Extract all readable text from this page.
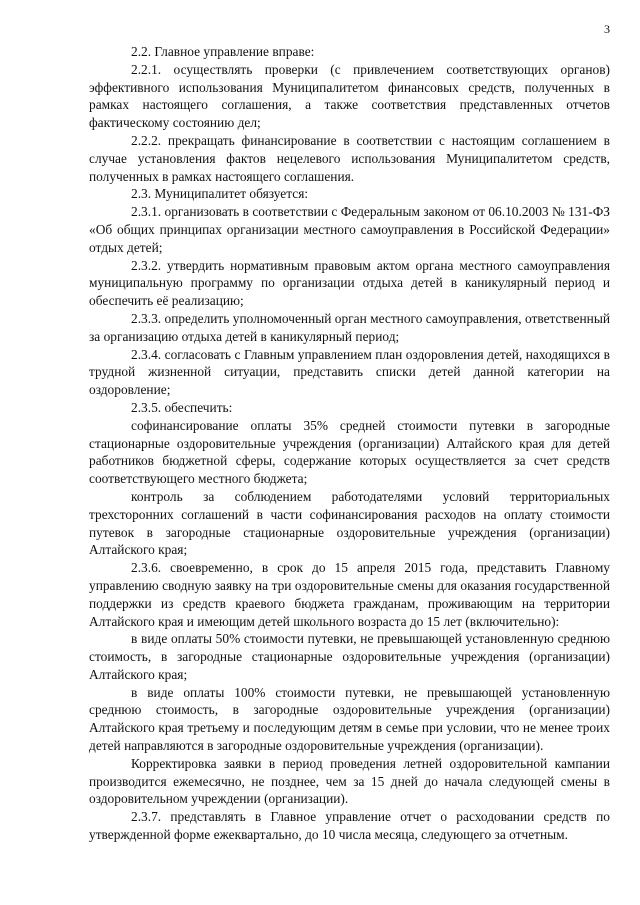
3

2.2. Главное управление вправе:

2.2.1. осуществлять проверки (с привлечением соответствующих органов) эффективного использования Муниципалитетом финансовых средств, полученных в рамках настоящего соглашения, а также соответствия представленных отчетов фактическому состоянию дел;

2.2.2. прекращать финансирование в соответствии с настоящим соглашением в случае установления фактов нецелевого использования Муниципалитетом средств, полученных в рамках настоящего соглашения.

2.3. Муниципалитет обязуется:

2.3.1. организовать в соответствии с Федеральным законом от 06.10.2003 № 131-ФЗ «Об общих принципах организации местного самоуправления в Российской Федерации» отдых детей;

2.3.2. утвердить нормативным правовым актом органа местного самоуправления муниципальную программу по организации отдыха детей в каникулярный период и обеспечить её реализацию;

2.3.3. определить уполномоченный орган местного самоуправления, ответственный за организацию отдыха детей в каникулярный период;

2.3.4. согласовать с Главным управлением план оздоровления детей, находящихся в трудной жизненной ситуации, представить списки детей данной категории на оздоровление;

2.3.5. обеспечить:

софинансирование оплаты 35% средней стоимости путевки в загородные стационарные оздоровительные учреждения (организации) Алтайского края для детей работников бюджетной сферы, содержание которых осуществляется за счет средств соответствующего местного бюджета;

контроль за соблюдением работодателями условий территориальных трехсторонних соглашений в части софинансирования расходов на оплату стоимости путевок в загородные стационарные оздоровительные учреждения (организации) Алтайского края;

2.3.6. своевременно, в срок до 15 апреля 2015 года, представить Главному управлению сводную заявку на три оздоровительные смены для оказания государственной поддержки из средств краевого бюджета гражданам, проживающим на территории Алтайского края и имеющим детей школьного возраста до 15 лет (включительно):

в виде оплаты 50% стоимости путевки, не превышающей установленную среднюю стоимость, в загородные стационарные оздоровительные учреждения (организации) Алтайского края;

в виде оплаты 100% стоимости путевки, не превышающей установленную среднюю стоимость, в загородные оздоровительные учреждения (организации) Алтайского края третьему и последующим детям в семье при условии, что не менее троих детей направляются в загородные оздоровительные учреждения (организации).

Корректировка заявки в период проведения летней оздоровительной кампании производится ежемесячно, не позднее, чем за 15 дней до начала следующей смены в оздоровительном учреждении (организации).

2.3.7. представлять в Главное управление отчет о расходовании средств по утвержденной форме ежеквартально, до 10 числа месяца, следующего за отчетным.
